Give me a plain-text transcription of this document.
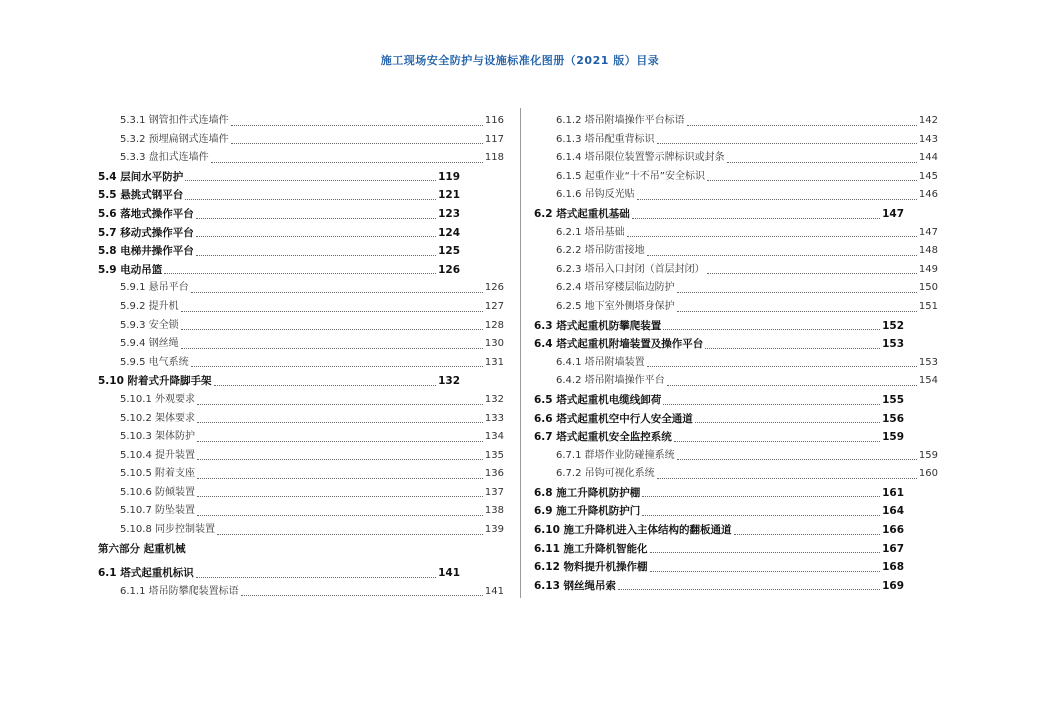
施工现场安全防护与设施标准化图册（2021 版）目录
5.3.1 钢管扣件式连墙件	116
5.3.2 预埋扁钢式连墙件	117
5.3.3 盘扣式连墙件	118
5.4 层间水平防护	119
5.5 悬挑式钢平台	121
5.6 落地式操作平台	123
5.7 移动式操作平台	124
5.8 电梯井操作平台	125
5.9 电动吊篮	126
5.9.1 悬吊平台	126
5.9.2 提升机	127
5.9.3 安全锁	128
5.9.4 钢丝绳	130
5.9.5 电气系统	131
5.10 附着式升降脚手架	132
5.10.1 外观要求	132
5.10.2 架体要求	133
5.10.3 架体防护	134
5.10.4 提升装置	135
5.10.5 附着支座	136
5.10.6 防倾装置	137
5.10.7 防坠装置	138
5.10.8 同步控制装置	139
第六部分 起重机械
6.1 塔式起重机标识	141
6.1.1 塔吊防攀爬装置标语	141
6.1.2 塔吊附墙操作平台标语	142
6.1.3 塔吊配重背标识	143
6.1.4 塔吊限位装置警示牌标识或封条	144
6.1.5 起重作业“十不吊”安全标识	145
6.1.6 吊钩反光贴	146
6.2 塔式起重机基础	147
6.2.1 塔吊基础	147
6.2.2 塔吊防雷接地	148
6.2.3 塔吊入口封闭（首层封闭）	149
6.2.4 塔吊穿楼层临边防护	150
6.2.5 地下室外侧塔身保护	151
6.3 塔式起重机防攀爬装置	152
6.4 塔式起重机附墙装置及操作平台	153
6.4.1 塔吊附墙装置	153
6.4.2 塔吊附墙操作平台	154
6.5 塔式起重机电缆线卸荷	155
6.6 塔式起重机空中行人安全通道	156
6.7 塔式起重机安全监控系统	159
6.7.1 群塔作业防碰撞系统	159
6.7.2 吊钩可视化系统	160
6.8 施工升降机防护棚	161
6.9 施工升降机防护门	164
6.10 施工升降机进入主体结构的翻板通道	166
6.11 施工升降机智能化	167
6.12 物料提升机操作棚	168
6.13 钢丝绳吊索	169
